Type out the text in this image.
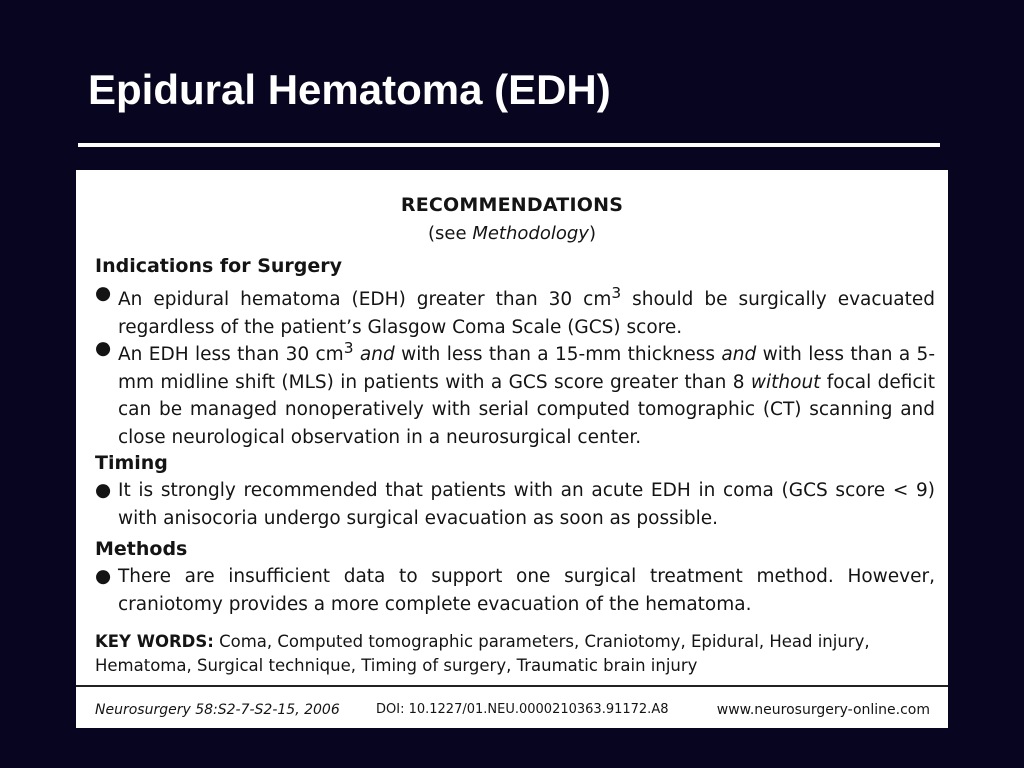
Epidural Hematoma (EDH)
RECOMMENDATIONS
(see Methodology)
Indications for Surgery
● An epidural hematoma (EDH) greater than 30 $cm^3$ should be surgically evacuated regardless of the patient’s Glasgow Coma Scale (GCS) score.
● An EDH less than 30 $cm^3$ and with less than a 15-mm thickness and with less than a 5-mm midline shift (MLS) in patients with a GCS score greater than 8 without focal deficit can be managed nonoperatively with serial computed tomographic (CT) scanning and close neurological observation in a neurosurgical center.
Timing
● It is strongly recommended that patients with an acute EDH in coma (GCS score < 9) with anisocoria undergo surgical evacuation as soon as possible.
Methods
● There are insufficient data to support one surgical treatment method. However, craniotomy provides a more complete evacuation of the hematoma.
KEY WORDS: Coma, Computed tomographic parameters, Craniotomy, Epidural, Head injury, Hematoma, Surgical technique, Timing of surgery, Traumatic brain injury
Neurosurgery 58:S2-7-S2-15, 2006	DOI: 10.1227/01.NEU.0000210363.91172.A8	www.neurosurgery-online.com
